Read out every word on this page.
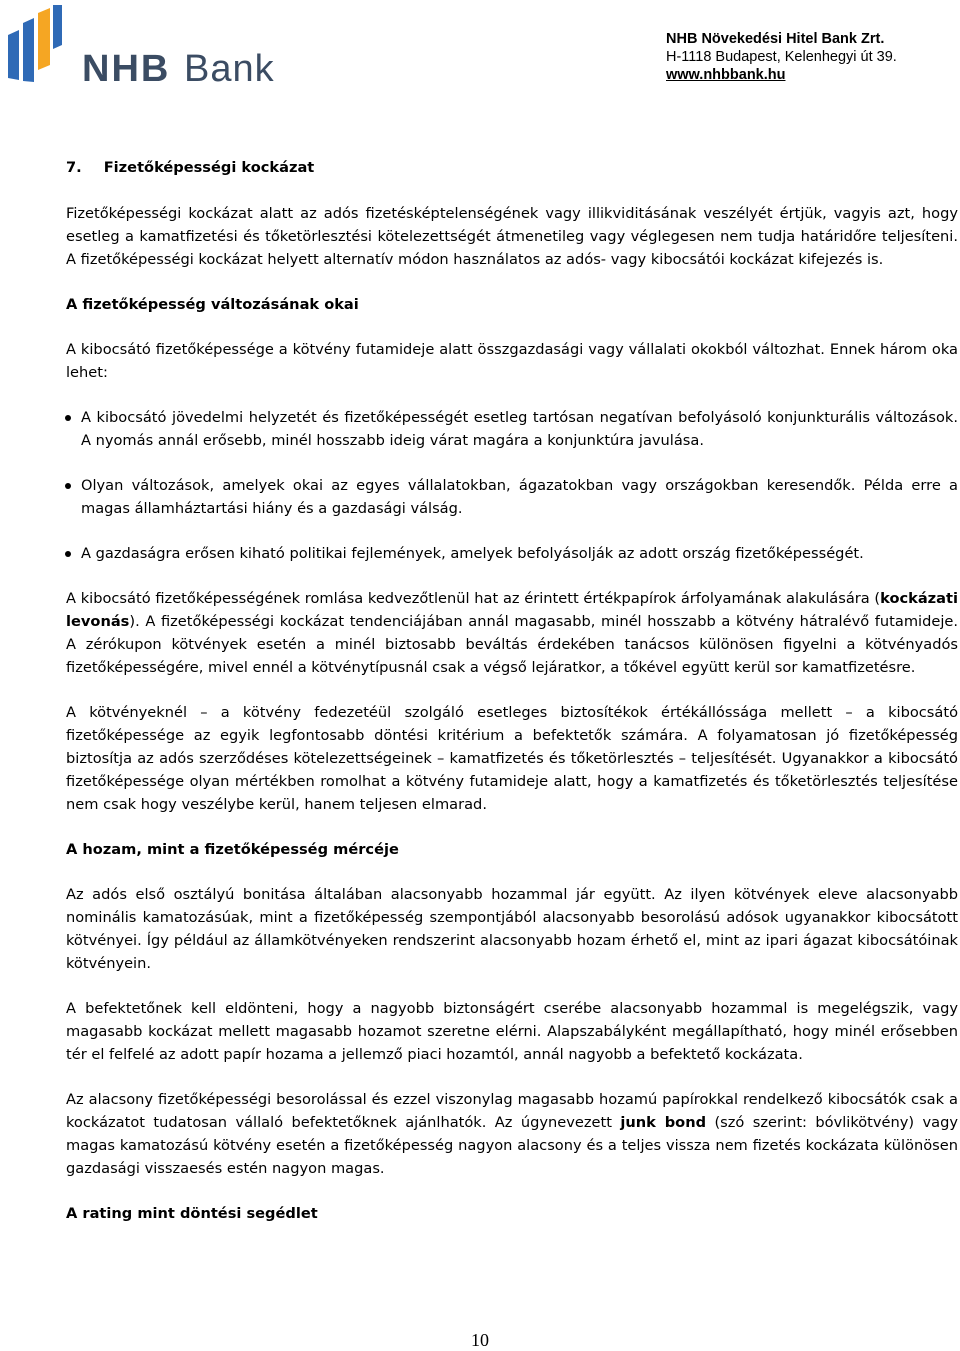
NHB Bank
NHB Növekedési Hitel Bank Zrt.
H-1118 Budapest, Kelenhegyi út 39.
www.nhbbank.hu
7. Fizetőképességi kockázat

Fizetőképességi kockázat alatt az adós fizetésképtelenségének vagy illikviditásának veszélyét értjük, vagyis azt, hogy esetleg a kamatfizetési és tőketörlesztési kötelezettségét átmenetileg vagy véglegesen nem tudja határidőre teljesíteni. A fizetőképességi kockázat helyett alternatív módon használatos az adós- vagy kibocsátói kockázat kifejezés is.

A fizetőképesség változásának okai

A kibocsátó fizetőképessége a kötvény futamideje alatt összgazdasági vagy vállalati okokból változhat. Ennek három oka lehet:

A kibocsátó jövedelmi helyzetét és fizetőképességét esetleg tartósan negatívan befolyásoló konjunkturális változások. A nyomás annál erősebb, minél hosszabb ideig várat magára a konjunktúra javulása.
Olyan változások, amelyek okai az egyes vállalatokban, ágazatokban vagy országokban keresendők. Példa erre a magas államháztartási hiány és a gazdasági válság.
A gazdaságra erősen kiható politikai fejlemények, amelyek befolyásolják az adott ország fizetőképességét.

A kibocsátó fizetőképességének romlása kedvezőtlenül hat az érintett értékpapírok árfolyamának alakulására (kockázati levonás). A fizetőképességi kockázat tendenciájában annál magasabb, minél hosszabb a kötvény hátralévő futamideje. A zérókupon kötvények esetén a minél biztosabb beváltás érdekében tanácsos különösen figyelni a kötvényadós fizetőképességére, mivel ennél a kötvénytípusnál csak a végső lejáratkor, a tőkével együtt kerül sor kamatfizetésre.

A kötvényeknél – a kötvény fedezetéül szolgáló esetleges biztosítékok értékállóssága mellett – a kibocsátó fizetőképessége az egyik legfontosabb döntési kritérium a befektetők számára. A folyamatosan jó fizetőképesség biztosítja az adós szerződéses kötelezettségeinek – kamatfizetés és tőketörlesztés – teljesítését. Ugyanakkor a kibocsátó fizetőképessége olyan mértékben romolhat a kötvény futamideje alatt, hogy a kamatfizetés és tőketörlesztés teljesítése nem csak hogy veszélybe kerül, hanem teljesen elmarad.

A hozam, mint a fizetőképesség mércéje

Az adós első osztályú bonitása általában alacsonyabb hozammal jár együtt. Az ilyen kötvények eleve alacsonyabb nominális kamatozásúak, mint a fizetőképesség szempontjából alacsonyabb besorolású adósok ugyanakkor kibocsátott kötvényei. Így például az államkötvényeken rendszerint alacsonyabb hozam érhető el, mint az ipari ágazat kibocsátóinak kötvényein.

A befektetőnek kell eldönteni, hogy a nagyobb biztonságért cserébe alacsonyabb hozammal is megelégszik, vagy magasabb kockázat mellett magasabb hozamot szeretne elérni. Alapszabályként megállapítható, hogy minél erősebben tér el felfelé az adott papír hozama a jellemző piaci hozamtól, annál nagyobb a befektető kockázata.

Az alacsony fizetőképességi besorolással és ezzel viszonylag magasabb hozamú papírokkal rendelkező kibocsátók csak a kockázatot tudatosan vállaló befektetőknek ajánlhatók. Az úgynevezett junk bond (szó szerint: bóvlikötvény) vagy magas kamatozású kötvény esetén a fizetőképesség nagyon alacsony és a teljes vissza nem fizetés kockázata különösen gazdasági visszaesés estén nagyon magas.

A rating mint döntési segédlet
10
